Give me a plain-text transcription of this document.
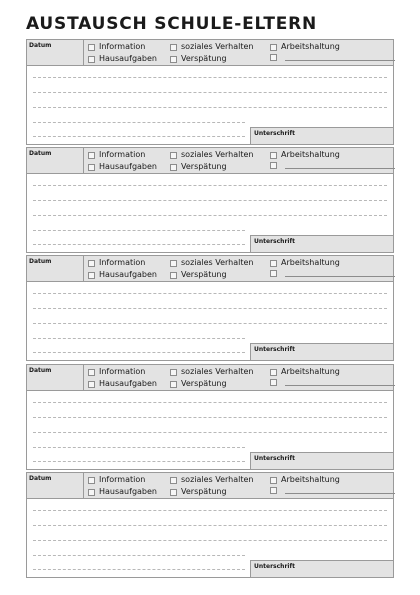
AUSTAUSCH SCHULE-ELTERN
Datum	Information	soziales Verhalten	Arbeitshaltung
Hausaufgaben	Verspätung
Unterschrift
Datum	Information	soziales Verhalten	Arbeitshaltung
Hausaufgaben	Verspätung
Unterschrift
Datum	Information	soziales Verhalten	Arbeitshaltung
Hausaufgaben	Verspätung
Unterschrift
Datum	Information	soziales Verhalten	Arbeitshaltung
Hausaufgaben	Verspätung
Unterschrift
Datum	Information	soziales Verhalten	Arbeitshaltung
Hausaufgaben	Verspätung
Unterschrift
